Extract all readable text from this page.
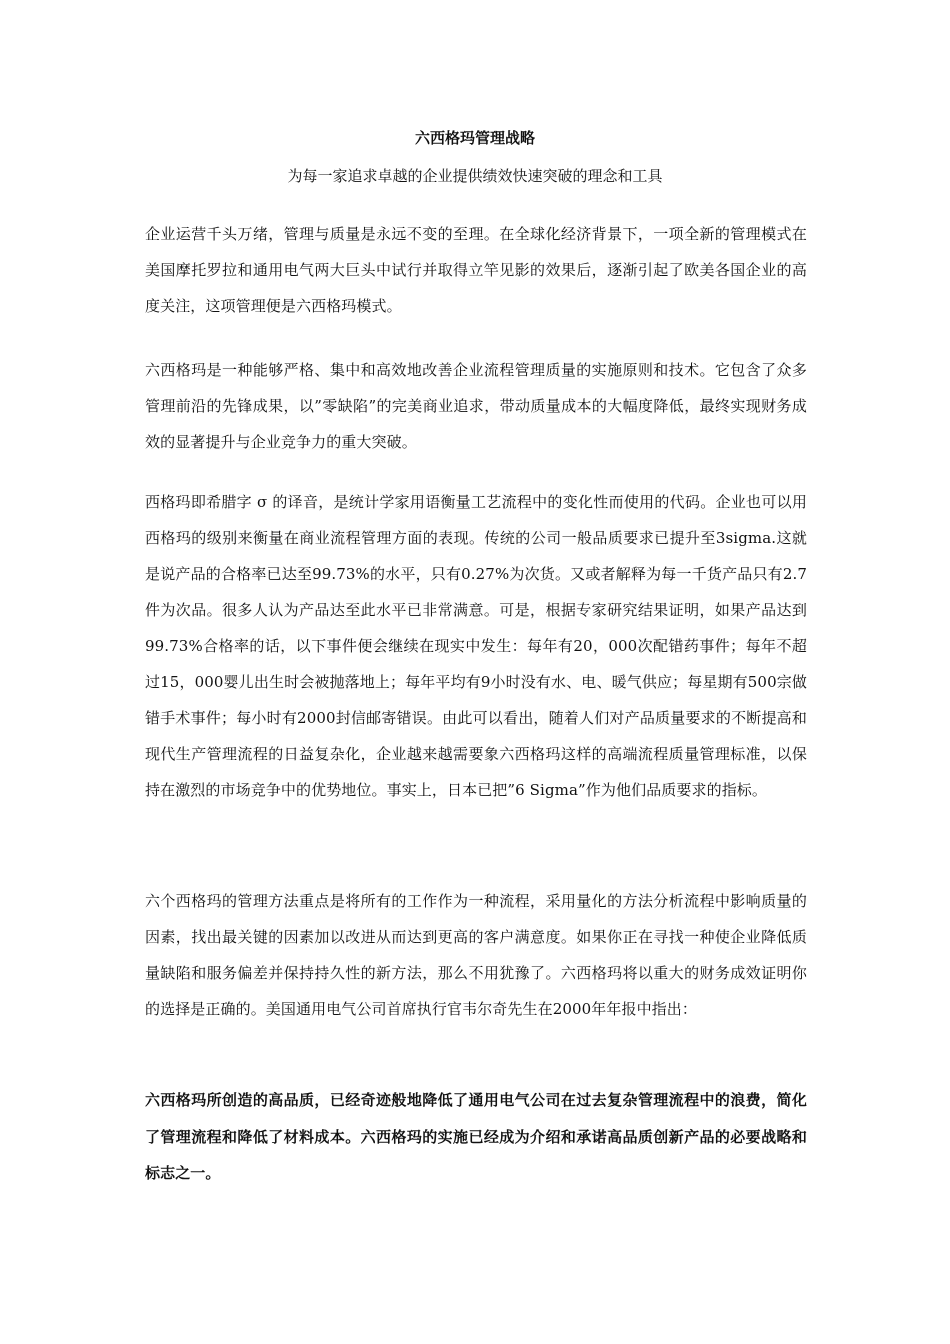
六西格玛管理战略
为每一家追求卓越的企业提供绩效快速突破的理念和工具

企业运营千头万绪，管理与质量是永远不变的至理。在全球化经济背景下，一项全新的管理模式在美国摩托罗拉和通用电气两大巨头中试行并取得立竿见影的效果后，逐渐引起了欧美各国企业的高度关注，这项管理便是六西格玛模式。

六西格玛是一种能够严格、集中和高效地改善企业流程管理质量的实施原则和技术。它包含了众多管理前沿的先锋成果，以”零缺陷”的完美商业追求，带动质量成本的大幅度降低，最终实现财务成效的显著提升与企业竞争力的重大突破。

西格玛即希腊字 σ 的译音，是统计学家用语衡量工艺流程中的变化性而使用的代码。企业也可以用西格玛的级别来衡量在商业流程管理方面的表现。传统的公司一般品质要求已提升至3sigma.这就是说产品的合格率已达至99.73%的水平，只有0.27%为次货。又或者解释为每一千货产品只有2.7件为次品。很多人认为产品达至此水平已非常满意。可是，根据专家研究结果证明，如果产品达到99.73%合格率的话，以下事件便会继续在现实中发生：每年有20，000次配错药事件；每年不超过15，000婴儿出生时会被抛落地上；每年平均有9小时没有水、电、暖气供应；每星期有500宗做错手术事件；每小时有2000封信邮寄错误。由此可以看出，随着人们对产品质量要求的不断提高和现代生产管理流程的日益复杂化，企业越来越需要象六西格玛这样的高端流程质量管理标准，以保持在激烈的市场竞争中的优势地位。事实上，日本已把”6 Sigma”作为他们品质要求的指标。

六个西格玛的管理方法重点是将所有的工作作为一种流程，采用量化的方法分析流程中影响质量的因素，找出最关键的因素加以改进从而达到更高的客户满意度。如果你正在寻找一种使企业降低质量缺陷和服务偏差并保持持久性的新方法，那么不用犹豫了。六西格玛将以重大的财务成效证明你的选择是正确的。美国通用电气公司首席执行官韦尔奇先生在2000年年报中指出：

六西格玛所创造的高品质，已经奇迹般地降低了通用电气公司在过去复杂管理流程中的浪费，简化了管理流程和降低了材料成本。六西格玛的实施已经成为介绍和承诺高品质创新产品的必要战略和标志之一。
